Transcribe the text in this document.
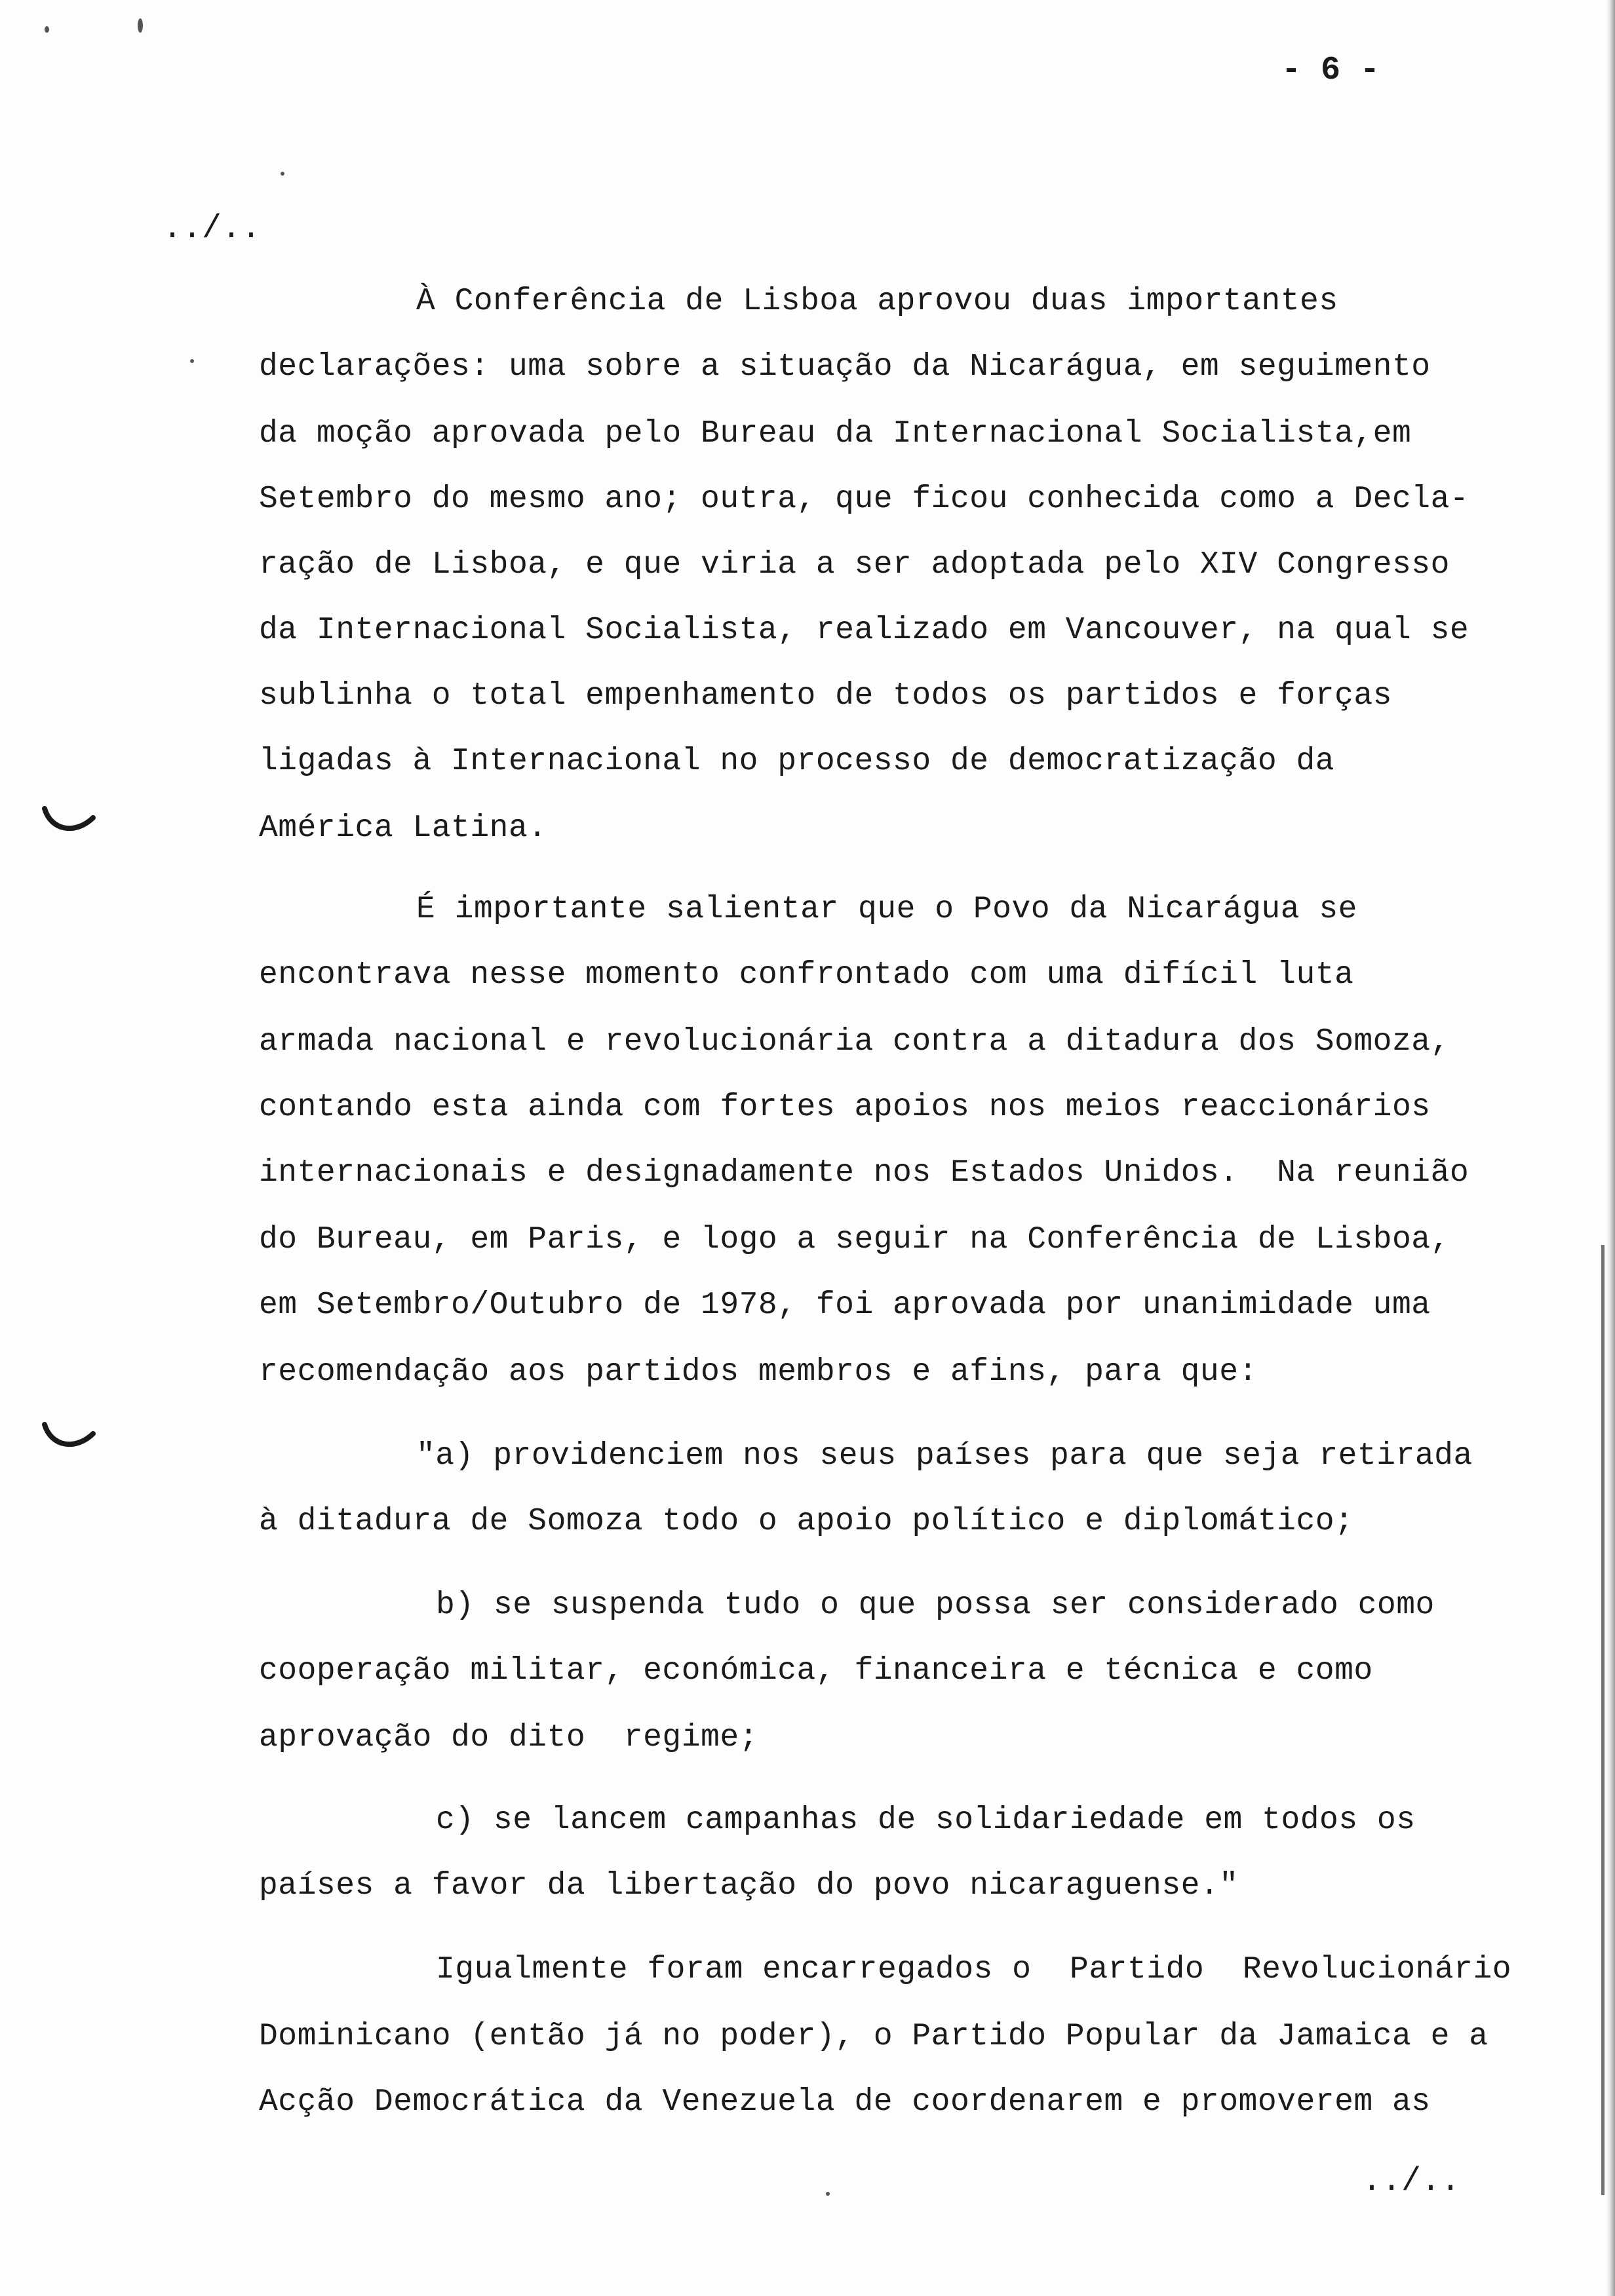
- 6 -

../..

À Conferência de Lisboa aprovou duas importantes

declarações: uma sobre a situação da Nicarágua, em seguimento

da moção aprovada pelo Bureau da Internacional Socialista,em

Setembro do mesmo ano; outra, que ficou conhecida como a Decla-

ração de Lisboa, e que viria a ser adoptada pelo XIV Congresso

da Internacional Socialista, realizado em Vancouver, na qual se

sublinha o total empenhamento de todos os partidos e forças

ligadas à Internacional no processo de democratização da

América Latina.

É importante salientar que o Povo da Nicarágua se

encontrava nesse momento confrontado com uma difícil luta

armada nacional e revolucionária contra a ditadura dos Somoza,

contando esta ainda com fortes apoios nos meios reaccionários

internacionais e designadamente nos Estados Unidos.  Na reunião

do Bureau, em Paris, e logo a seguir na Conferência de Lisboa,

em Setembro/Outubro de 1978, foi aprovada por unanimidade uma

recomendação aos partidos membros e afins, para que:

"a) providenciem nos seus países para que seja retirada

à ditadura de Somoza todo o apoio político e diplomático;

b) se suspenda tudo o que possa ser considerado como

cooperação militar, económica, financeira e técnica e como

aprovação do dito  regime;

c) se lancem campanhas de solidariedade em todos os

países a favor da libertação do povo nicaraguense."

Igualmente foram encarregados o  Partido  Revolucionário

Dominicano (então já no poder), o Partido Popular da Jamaica e a

Acção Democrática da Venezuela de coordenarem e promoverem as

../..
